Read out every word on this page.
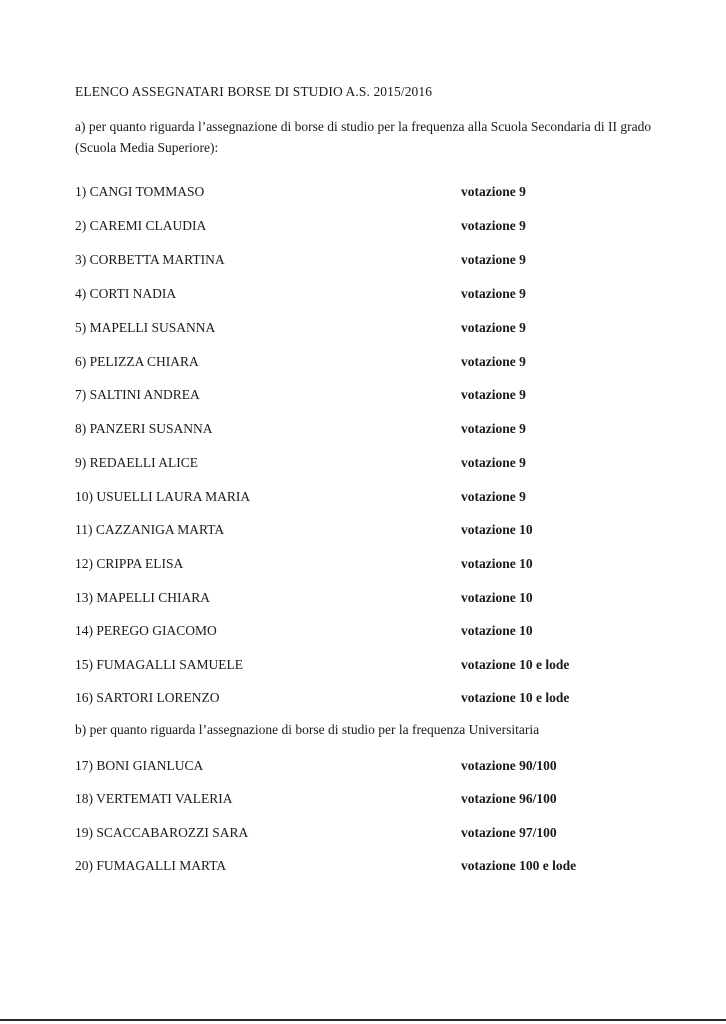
ELENCO ASSEGNATARI BORSE DI STUDIO A.S. 2015/2016
a) per quanto riguarda l’assegnazione di borse di studio per la frequenza alla Scuola Secondaria di II grado (Scuola Media Superiore):
b) per quanto riguarda l’assegnazione di borse di studio per la frequenza Universitaria
1) CANGI TOMMASO	votazione 9
2) CAREMI CLAUDIA	votazione 9
3) CORBETTA MARTINA	votazione 9
4) CORTI NADIA	votazione 9
5) MAPELLI SUSANNA	votazione 9
6) PELIZZA CHIARA	votazione 9
7) SALTINI ANDREA	votazione 9
8) PANZERI SUSANNA	votazione 9
9) REDAELLI ALICE	votazione 9
10) USUELLI LAURA MARIA	votazione 9
11) CAZZANIGA MARTA	votazione 10
12) CRIPPA ELISA	votazione 10
13) MAPELLI CHIARA	votazione 10
14) PEREGO GIACOMO	votazione 10
15) FUMAGALLI SAMUELE	votazione 10 e lode
16) SARTORI LORENZO	votazione 10 e lode
17) BONI GIANLUCA	votazione 90/100
18) VERTEMATI VALERIA	votazione 96/100
19) SCACCABAROZZI SARA	votazione 97/100
20) FUMAGALLI MARTA	votazione 100 e lode
